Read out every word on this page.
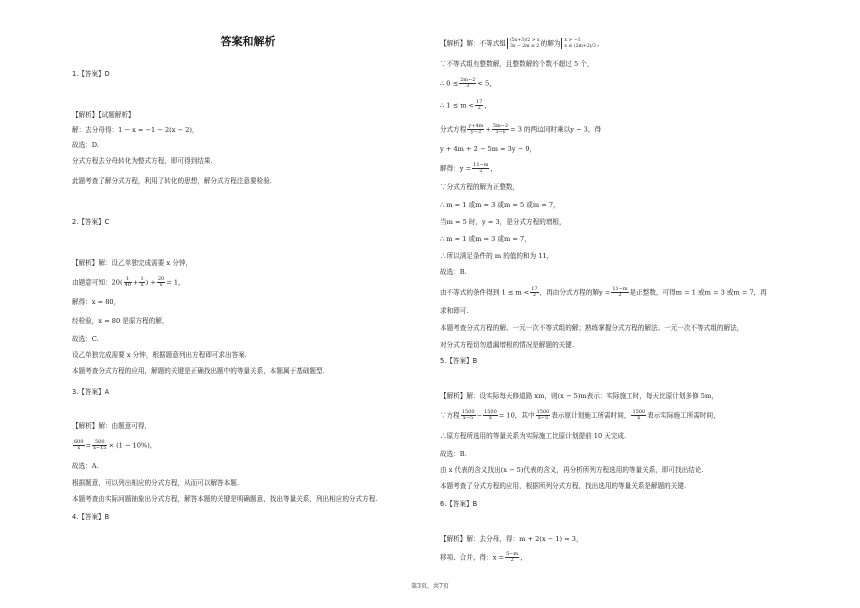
答案和解析
1.【答案】D
【解析】【试题解析】
解：去分母得：1 − x = −1 − 2(x − 2)，
故选：D.
分式方程去分母转化为整式方程，即可得到结果.
此题考查了解分式方程，利用了转化的思想，解分式方程注意要检验.
2.【答案】C
【解析】解：设乙单独完成需要 x 分钟，
由题意可知：$20( \frac{1}{40} + \frac{1}{x}$ ) + $\frac{20}{x} = 1$，
解得：x = 80，
经检验，x = 80 是原方程的解，
故选：C.
设乙单独完成需要 x 分钟，根据题意列出方程即可求出答案.
本题考查分式方程的应用，解题的关键是正确找出题中的等量关系，本题属于基础题型.
3.【答案】A
【解析】解：由题意可得，
$\frac{600}{x} = \frac{500}{x-15} \times (1 - 10\%)$，
故选：A.
根据题意，可以列出相应的分式方程，从而可以解答本题.
本题考查由实际问题抽象出分式方程，解答本题的关键是明确题意，找出等量关系，列出相应的分式方程.
4.【答案】B
【解析】解：不等式组 (5x+3)/2 > x
3x − 2m ≤ 2 的解为 x > −1
x ≤ (2m+2)/3 ，
∵不等式组有整数解，且整数解的个数不超过 5 个，
∴ $0 \le \frac{2m-2}{3} < 5$，
∴ $1 \le m < \frac{17}{2}$ ，
分式方程 $\frac{y+4m}{y-3} + \frac{5m-2}{3-y} = 3$ 的两边同时乘以y − 3，得
y + 4m + 2 − 5m = 3y − 9，
解得：$y = \frac{11-m}{2}$ ，
∵分式方程的解为正整数，
∴ m = 1 或m = 3 或m = 5 或m = 7，
当m = 5 时，y = 3，是分式方程的增根，
∴ m = 1 或m = 3 或m = 7，
∴所以满足条件的 m 的值的和为 11，
故选：B.
由不等式的条件得到 $1 \le m < \frac{17}{2}$ ，再由分式方程的解$y = \frac{11-m}{2}$ 是正整数，可得m = 1 或m = 3 或m = 7，再
求和即可.
本题考查分式方程的解、一元一次不等式组的解；熟练掌握分式方程的解法、一元一次不等式组的解法，
对分式方程切勿遗漏增根的情况是解题的关键.
5.【答案】B
【解析】解：设实际每天修道路 xm，则(x − 5)m表示：实际施工时，每天比原计划多修 5m，
∵方程 $\frac{1500}{x-5} - \frac{1500}{x} = 10$，其中 $\frac{1500}{x-5}$ 表示原计划施工所需时间， $\frac{1500}{x}$ 表示实际施工所需时间，
∴原方程所选用的等量关系为实际施工比原计划提前 10 天完成.
故选：B.
由 x 代表的含义找出(x − 5)代表的含义，再分析所列方程选用的等量关系，即可找出结论.
本题考查了分式方程的应用，根据所列分式方程，找出选用的等量关系是解题的关键.
6.【答案】B
【解析】解：去分母，得：m + 2(x − 1) = 3，
移项、合并，得：$x = \frac{5-m}{2}$ ，
第3页，共7页
